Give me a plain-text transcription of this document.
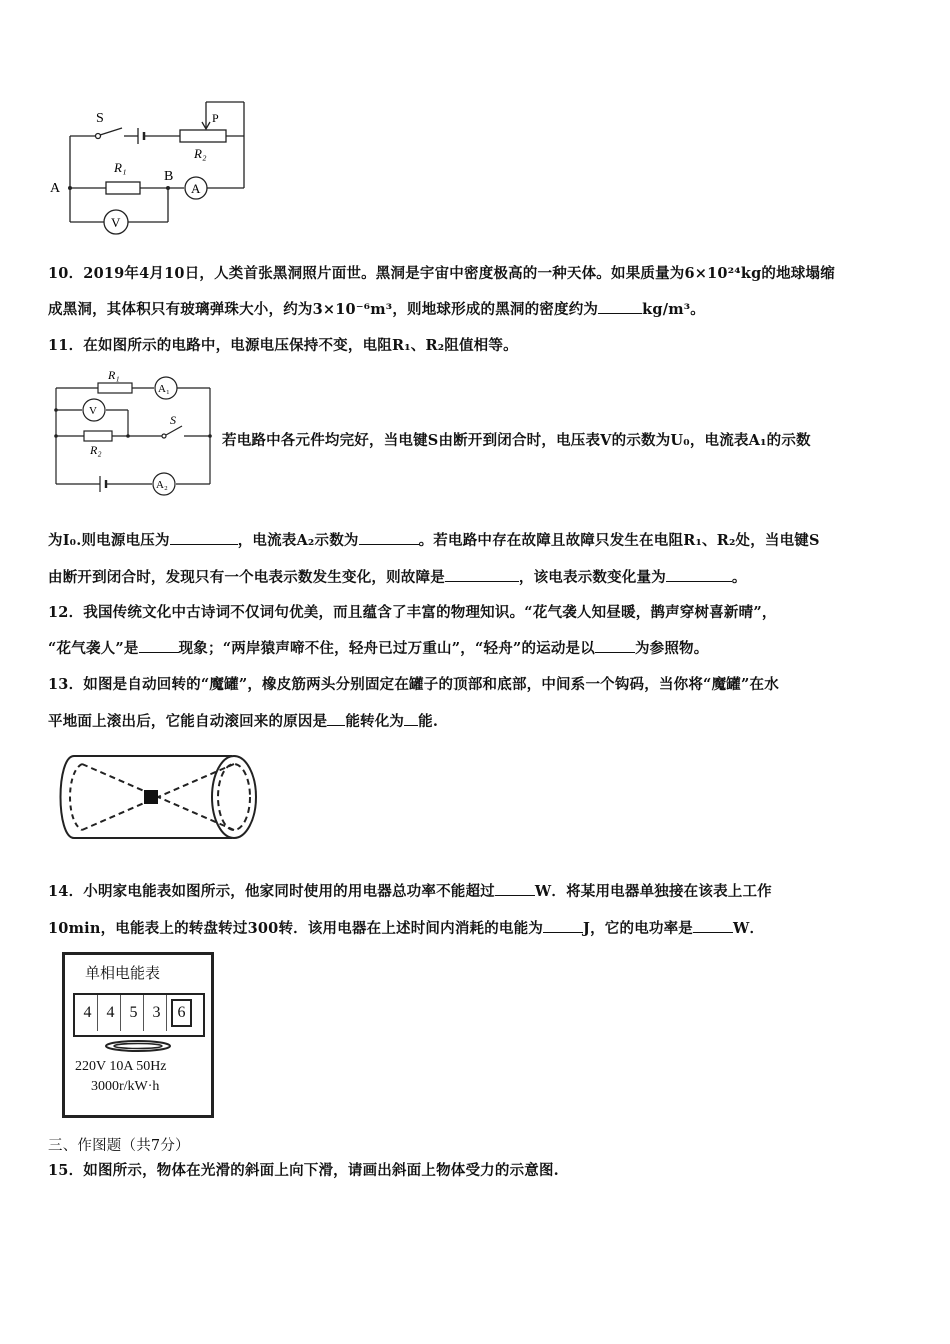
S	P
R₂
R₁
A
B
A
V
10．2019年4月10日，人类首张黑洞照片面世。黑洞是宇宙中密度极高的一种天体。如果质量为6×10²⁴kg的地球塌缩
成黑洞，其体积只有玻璃弹珠大小，约为3×10⁻⁶m³，则地球形成的黑洞的密度约为	kg/m³。
11．在如图所示的电路中，电源电压保持不变，电阻R₁、R₂阻值相等。
R₁
A₁
V
S
R₂
A₂
若电路中各元件均完好，当电键S由断开到闭合时，电压表V的示数为U₀，电流表A₁的示数
为I₀.则电源电压为	，电流表A₂示数为	。若电路中存在故障且故障只发生在电阻R₁、R₂处，当电键S
由断开到闭合时，发现只有一个电表示数发生变化，则故障是	，该电表示数变化量为	。
12．我国传统文化中古诗词不仅词句优美，而且蕴含了丰富的物理知识。“花气袭人知昼暖，鹊声穿树喜新晴”，
“花气袭人”是	现象；“两岸猿声啼不住，轻舟已过万重山”，“轻舟”的运动是以	为参照物。
13．如图是自动回转的“魔罐”，橡皮筋两头分别固定在罐子的顶部和底部，中间系一个钩码，当你将“魔罐”在水
平地面上滚出后，它能自动滚回来的原因是 能转化为 能.
14．小明家电能表如图所示，他家同时使用的用电器总功率不能超过	W．将某用电器单独接在该表上工作
10min，电能表上的转盘转过300转．该用电器在上述时间内消耗的电能为	J，它的电功率是	W．
单相电能表
4 4 5 3	6
220V 10A 50Hz
3000r/kW·h
三、作图题（共7分）
15．如图所示，物体在光滑的斜面上向下滑，请画出斜面上物体受力的示意图.
